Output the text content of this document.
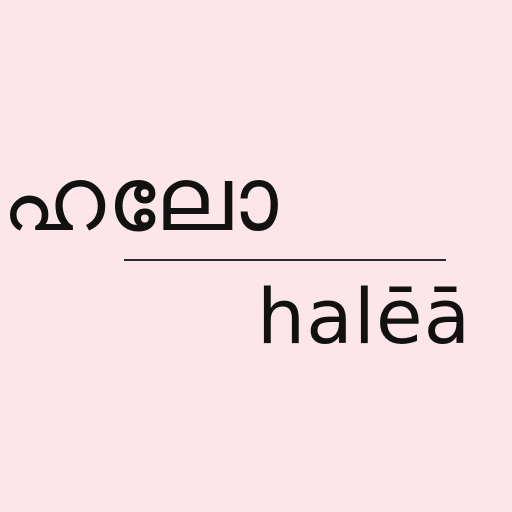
ഹലോ

halēā
